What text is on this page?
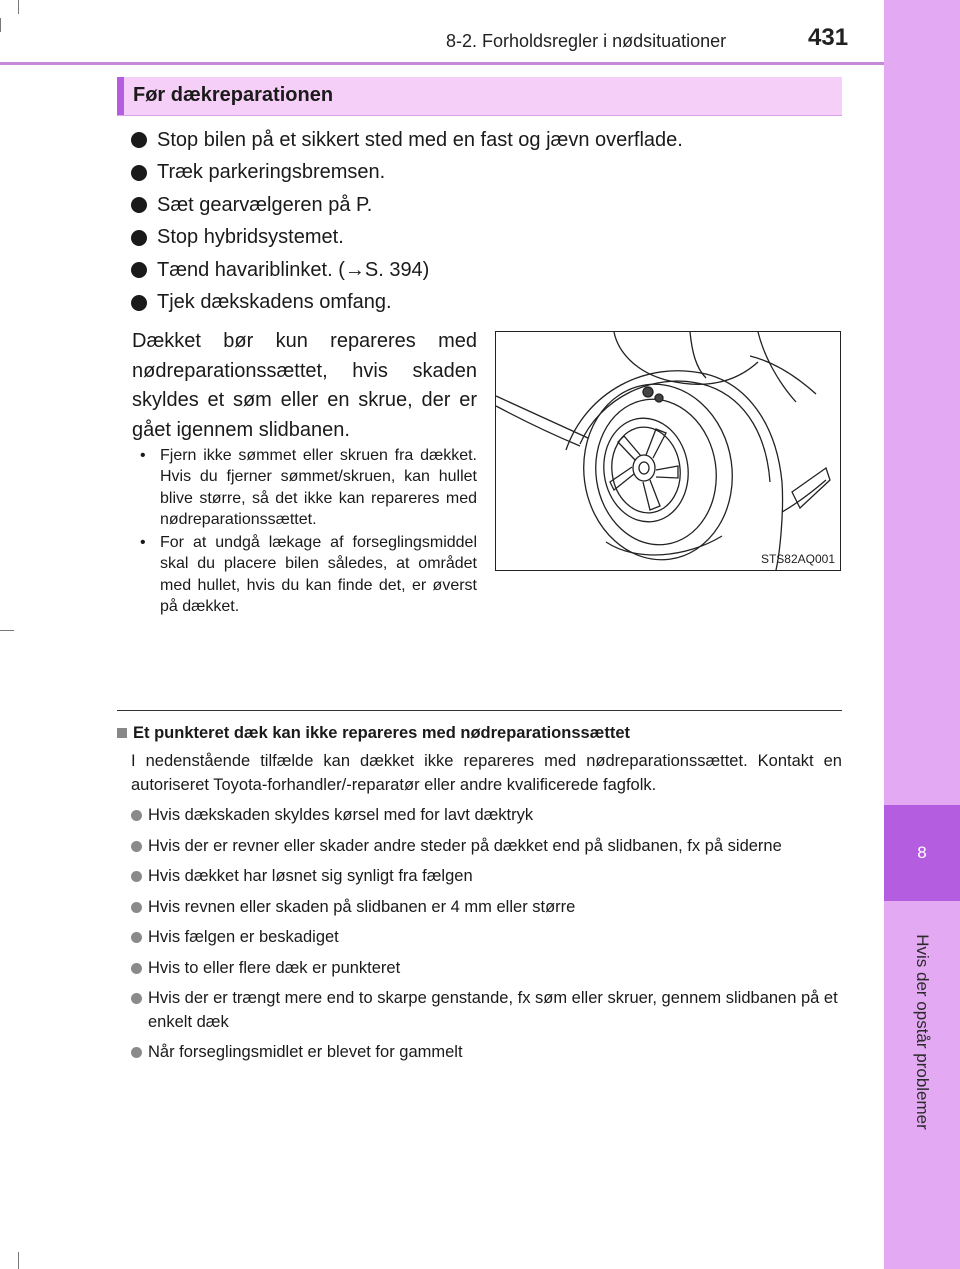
8
Hvis der opstår problemer
8-2. Forholdsregler i nødsituationer	431
Før dækreparationen
Stop bilen på et sikkert sted med en fast og jævn overflade.
Træk parkeringsbremsen.
Sæt gearvælgeren på P.
Stop hybridsystemet.
Tænd havariblinket. (→S. 394)
Tjek dækskadens omfang.
Dækket bør kun repareres med nødreparationssættet, hvis skaden skyldes et søm eller en skrue, der er gået igennem slidbanen.
• Fjern ikke sømmet eller skruen fra dækket. Hvis du fjerner sømmet/skruen, kan hullet blive større, så det ikke kan repareres med nødreparationssættet.
• For at undgå lækage af forseglingsmiddel skal du placere bilen således, at området med hullet, hvis du kan finde det, er øverst på dækket.
STS82AQ001
Et punkteret dæk kan ikke repareres med nødreparationssættet
I nedenstående tilfælde kan dækket ikke repareres med nødreparationssættet. Kontakt en autoriseret Toyota-forhandler/-reparatør eller andre kvalificerede fagfolk.
Hvis dækskaden skyldes kørsel med for lavt dæktryk
Hvis der er revner eller skader andre steder på dækket end på slidbanen, fx på siderne
Hvis dækket har løsnet sig synligt fra fælgen
Hvis revnen eller skaden på slidbanen er 4 mm eller større
Hvis fælgen er beskadiget
Hvis to eller flere dæk er punkteret
Hvis der er trængt mere end to skarpe genstande, fx søm eller skruer, gennem slidbanen på et enkelt dæk
Når forseglingsmidlet er blevet for gammelt
